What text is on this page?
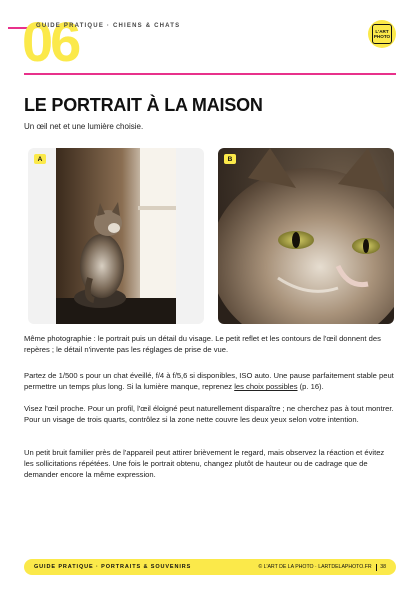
06
GUIDE PRATIQUE · CHIENS & CHATS
L'ART
PHOTO
LE PORTRAIT À LA MAISON
Un œil net et une lumière choisie.
A	B

Même photographie : le portrait puis un détail du visage. Le petit reflet et les contours de l'œil donnent des repères ; le détail n'invente pas les réglages de prise de vue.

Partez de 1/500 s pour un chat éveillé, f/4 à f/5,6 si disponibles, ISO auto. Une pause parfaitement stable peut permettre un temps plus long. Si la lumière manque, reprenez les choix possibles (p. 16).

Visez l'œil proche. Pour un profil, l'œil éloigné peut naturellement disparaître ; ne cherchez pas à tout montrer. Pour un visage de trois quarts, contrôlez si la zone nette couvre les deux yeux selon votre intention.

Un petit bruit familier près de l'appareil peut attirer brièvement le regard, mais observez la réaction et évitez les sollicitations répétées. Une fois le portrait obtenu, changez plutôt de hauteur ou de cadrage que de demander encore la même expression.

GUIDE PRATIQUE · PORTRAITS & SOUVENIRS	© L'ART DE LA PHOTO · LARTDELAPHOTO.FR 38
